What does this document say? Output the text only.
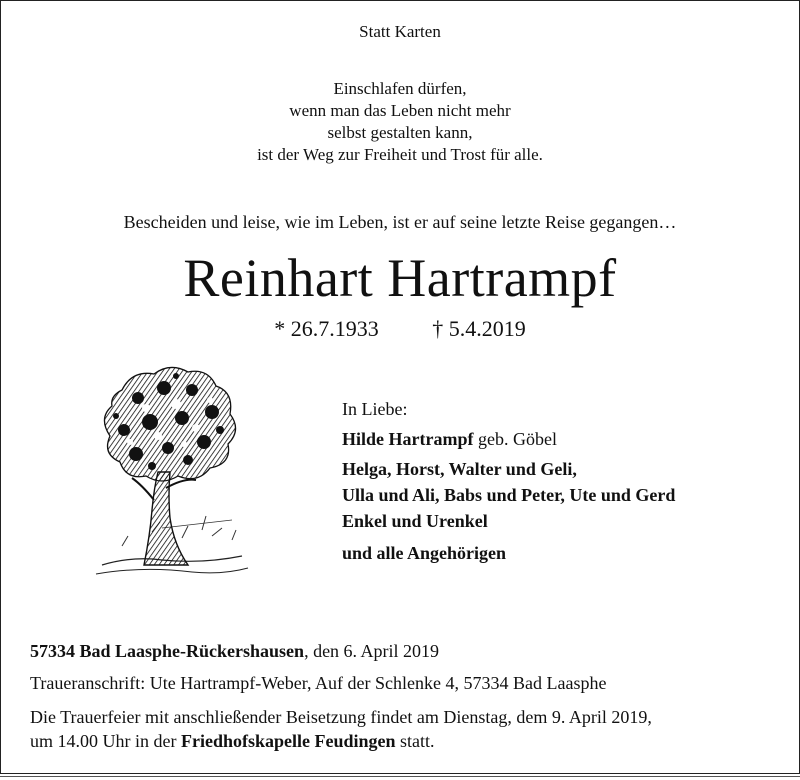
Statt Karten
Einschlafen dürfen,
wenn man das Leben nicht mehr
selbst gestalten kann,
ist der Weg zur Freiheit und Trost für alle.
Bescheiden und leise, wie im Leben, ist er auf seine letzte Reise gegangen…
Reinhart Hartrampf
* 26.7.1933 † 5.4.2019
In Liebe:
Hilde Hartrampf geb. Göbel
Helga, Horst, Walter und Geli,
Ulla und Ali, Babs und Peter, Ute und Gerd
Enkel und Urenkel
und alle Angehörigen
57334 Bad Laasphe-Rückershausen, den 6. April 2019
Traueranschrift: Ute Hartrampf-Weber, Auf der Schlenke 4, 57334 Bad Laasphe
Die Trauerfeier mit anschließender Beisetzung findet am Dienstag, dem 9. April 2019,
um 14.00 Uhr in der Friedhofskapelle Feudingen statt.
